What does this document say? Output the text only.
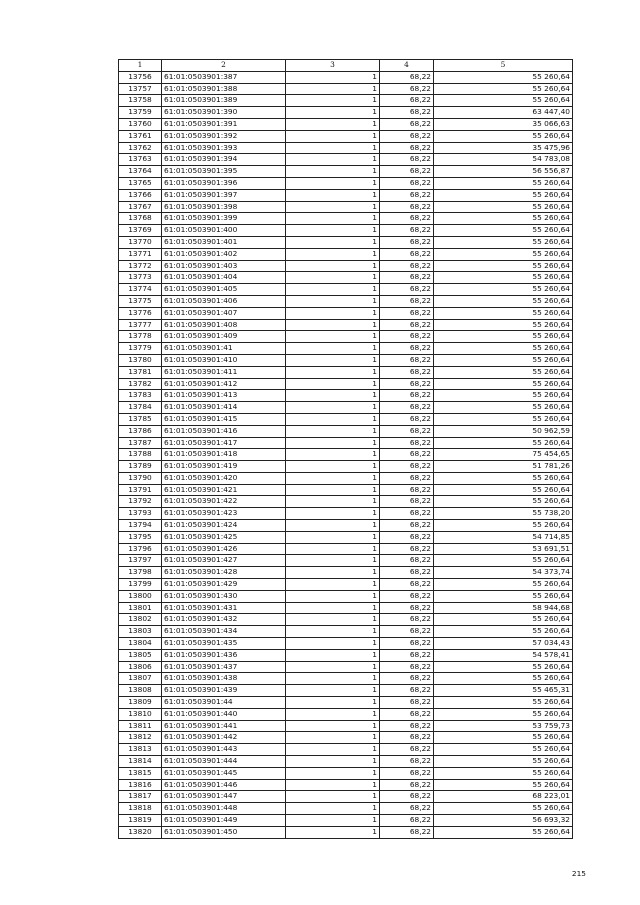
1	2	3	4	5
13756	61:01:0503901:387	1	68,22	55 260,64
13757	61:01:0503901:388	1	68,22	55 260,64
13758	61:01:0503901:389	1	68,22	55 260,64
13759	61:01:0503901:390	1	68,22	63 447,40
13760	61:01:0503901:391	1	68,22	35 066,63
13761	61:01:0503901:392	1	68,22	55 260,64
13762	61:01:0503901:393	1	68,22	35 475,96
13763	61:01:0503901:394	1	68,22	54 783,08
13764	61:01:0503901:395	1	68,22	56 556,87
13765	61:01:0503901:396	1	68,22	55 260,64
13766	61:01:0503901:397	1	68,22	55 260,64
13767	61:01:0503901:398	1	68,22	55 260,64
13768	61:01:0503901:399	1	68,22	55 260,64
13769	61:01:0503901:400	1	68,22	55 260,64
13770	61:01:0503901:401	1	68,22	55 260,64
13771	61:01:0503901:402	1	68,22	55 260,64
13772	61:01:0503901:403	1	68,22	55 260,64
13773	61:01:0503901:404	1	68,22	55 260,64
13774	61:01:0503901:405	1	68,22	55 260,64
13775	61:01:0503901:406	1	68,22	55 260,64
13776	61:01:0503901:407	1	68,22	55 260,64
13777	61:01:0503901:408	1	68,22	55 260,64
13778	61:01:0503901:409	1	68,22	55 260,64
13779	61:01:0503901:41	1	68,22	55 260,64
13780	61:01:0503901:410	1	68,22	55 260,64
13781	61:01:0503901:411	1	68,22	55 260,64
13782	61:01:0503901:412	1	68,22	55 260,64
13783	61:01:0503901:413	1	68,22	55 260,64
13784	61:01:0503901:414	1	68,22	55 260,64
13785	61:01:0503901:415	1	68,22	55 260,64
13786	61:01:0503901:416	1	68,22	50 962,59
13787	61:01:0503901:417	1	68,22	55 260,64
13788	61:01:0503901:418	1	68,22	75 454,65
13789	61:01:0503901:419	1	68,22	51 781,26
13790	61:01:0503901:420	1	68,22	55 260,64
13791	61:01:0503901:421	1	68,22	55 260,64
13792	61:01:0503901:422	1	68,22	55 260,64
13793	61:01:0503901:423	1	68,22	55 738,20
13794	61:01:0503901:424	1	68,22	55 260,64
13795	61:01:0503901:425	1	68,22	54 714,85
13796	61:01:0503901:426	1	68,22	53 691,51
13797	61:01:0503901:427	1	68,22	55 260,64
13798	61:01:0503901:428	1	68,22	54 373,74
13799	61:01:0503901:429	1	68,22	55 260,64
13800	61:01:0503901:430	1	68,22	55 260,64
13801	61:01:0503901:431	1	68,22	58 944,68
13802	61:01:0503901:432	1	68,22	55 260,64
13803	61:01:0503901:434	1	68,22	55 260,64
13804	61:01:0503901:435	1	68,22	57 034,43
13805	61:01:0503901:436	1	68,22	54 578,41
13806	61:01:0503901:437	1	68,22	55 260,64
13807	61:01:0503901:438	1	68,22	55 260,64
13808	61:01:0503901:439	1	68,22	55 465,31
13809	61:01:0503901:44	1	68,22	55 260,64
13810	61:01:0503901:440	1	68,22	55 260,64
13811	61:01:0503901:441	1	68,22	53 759,73
13812	61:01:0503901:442	1	68,22	55 260,64
13813	61:01:0503901:443	1	68,22	55 260,64
13814	61:01:0503901:444	1	68,22	55 260,64
13815	61:01:0503901:445	1	68,22	55 260,64
13816	61:01:0503901:446	1	68,22	55 260,64
13817	61:01:0503901:447	1	68,22	68 223,01
13818	61:01:0503901:448	1	68,22	55 260,64
13819	61:01:0503901:449	1	68,22	56 693,32
13820	61:01:0503901:450	1	68,22	55 260,64
215
